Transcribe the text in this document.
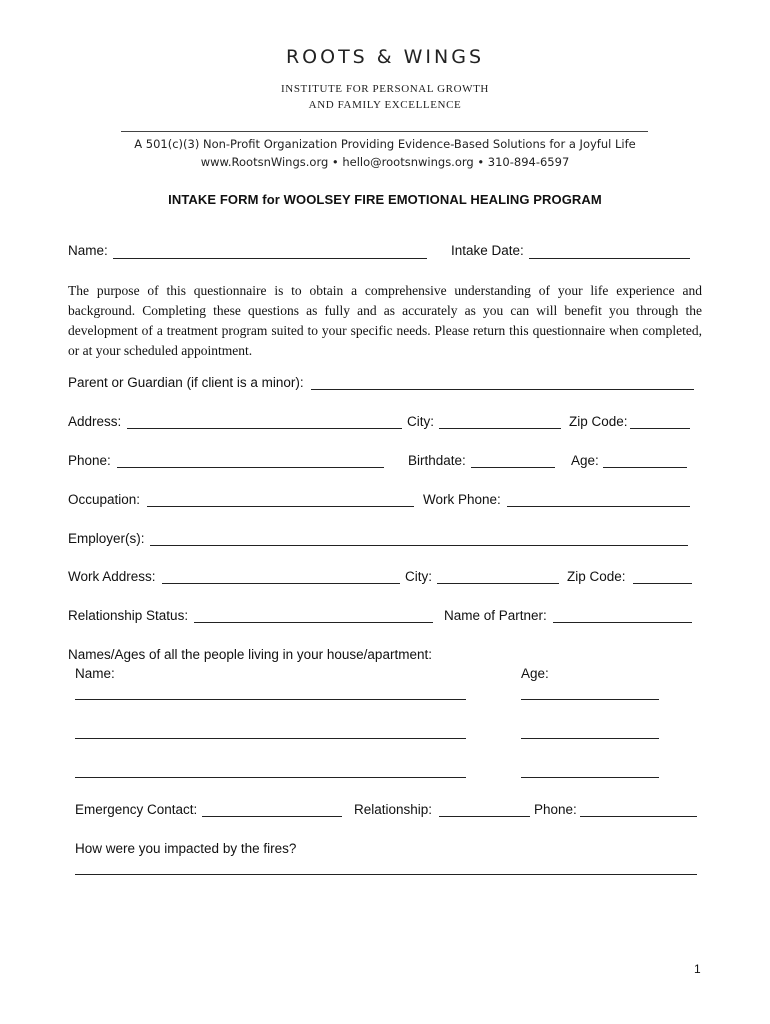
ROOTS & WINGS
INSTITUTE FOR PERSONAL GROWTH
AND FAMILY EXCELLENCE
A 501(c)(3) Non-Profit Organization Providing Evidence-Based Solutions for a Joyful Life
www.RootsnWings.org • hello@rootsnwings.org • 310-894-6597
INTAKE FORM for WOOLSEY FIRE EMOTIONAL HEALING PROGRAM
Name:	Intake Date:
The purpose of this questionnaire is to obtain a comprehensive understanding of your life experience and background. Completing these questions as fully and as accurately as you can will benefit you through the development of a treatment program suited to your specific needs. Please return this questionnaire when completed, or at your scheduled appointment.
Parent or Guardian (if client is a minor):
Address:	City:	Zip Code:
Phone:	Birthdate:	Age:
Occupation:	Work Phone:
Employer(s):
Work Address:	City:	Zip Code:
Relationship Status:	Name of Partner:
Names/Ages of all the people living in your house/apartment:
Name:	Age:
Emergency Contact:	Relationship:	Phone:
How were you impacted by the fires?
1
